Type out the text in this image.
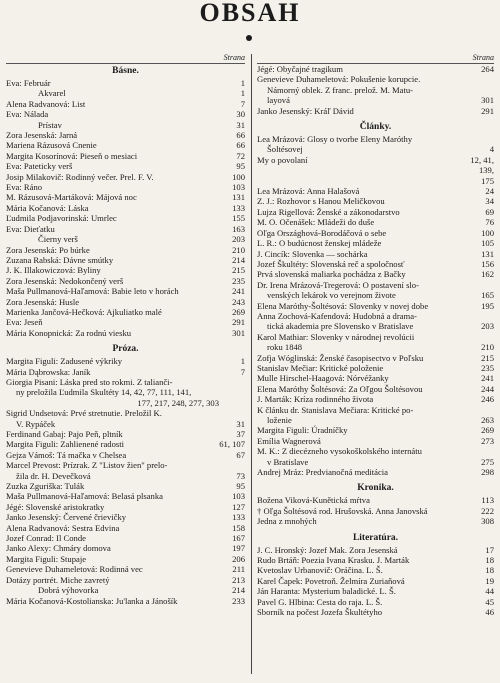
OBSAH
Strana
Básne.
Eva: Február	1
Akvarel	1
Alena Radvanová: List	7
Eva: Nálada	30
Prístav	31
Zora Jesenská: Jarná	66
Marienа Rázusová Cnenie	66
Margita Kosorínová: Pieseň o mesiaci	72
Eva: Pateticky verš	95
Josip Milakovič: Rodinný večer. Prel. F. V.	100
Eva: Ráno	103
M. Rázusová-Martáková: Májová noc	131
Mária Kočanová: Láska	133
Ľudmila Podjavorinská: Umrlec	155
Eva: Dieťatku	163
Čierny verš	203
Zora Jesenská: Po búrke	210
Zuzana Rabská: Dávne smútky	214
J. K. Illakowiczová: Byliny	215
Zora Jesenská: Nedokončený verš	235
Maša Pullmanová-Haľamová: Babie leto v horách	241
Zora Jesenská: Husle	243
Marienka Jančová-Hečková: Ajkuliatko malé	269
Eva: Jeseň	291
Mária Konopnická: Za rodnú viesku	301
Próza.
Margita Figuli: Zadusené výkriky	1
Mária Dąbrowska: Janík	7
Giorgia Pisani: Láska pred sto rokmi. Z talianči-
ny preložila Ľudmila Skultéty 14, 42, 77, 111, 141,
177, 217, 248, 277, 303
Sigrid Undsetová: Prvé stretnutie. Preložil K.
V. Rypáček	31
Ferdinand Gabaj: Pajo Peň, pltník	37
Margita Figuli: Zahlienené radosti	61, 107
Gejza Vámoš: Tá mačka v Chelsea	67
Marcel Prevost: Prízrak. Z "Listov žien" prelo-
žila dr. H. Devečková	73
Zuzka Zguriška: Tulák	95
Maša Pullmanová-Haľamová: Belasá plsanka	103
Jégé: Slovenské aristokratky	127
Janko Jesenský: Červené črievičky	133
Alena Radvanová: Sestra Edvina	158
Jozef Conrad: Il Conde	167
Janko Alexy: Chmáry domova	197
Margita Figuli: Stupaje	206
Genevieve Duhameletová: Rodinná vec	211
Dotázy portrét. Miche zavretý	213
Dobrá výhovorka	214
Mária Kočanová-Kostolianska: Ju'lanka a Jánošík	233
Strana
Jégé: Obyčajné tragikum	264
Genevieve Duhameletová: Pokušenie korupcie.
Námorný oblek. Z franc. prelož. M. Matu-
layová	301
Janko Jesenský: Kráľ Dávid	291
Články.
Lea Mrázová: Glosy o tvorbe Eleny Maróthy
Šoltésovej	4
My o povolaní	12, 41, 139, 175
Lea Mrázová: Anna Halašová	24
Z. J.: Rozhovor s Hanou Meličkovou	34
Lujza Rigellová: Ženské a zákonodarstvo	69
M. O. Očenášek: Mládeži do duše	76
Oľga Országhová-Borodáčová o sebe	100
L. R.: O budúcnost ženskej mládeže	105
J. Cincík: Slovenka — sochárka	131
Jozef Škultéty: Slovenská reč a spoločnosť	156
Prvá slovenská maliarka pochádza z Bačky	162
Dr. Irena Mrázová-Tregerová: O postavení slo-
venských lekárok vo verejnom živote	165
Elena Maróthy-Šoltésová: Slovenky v novej dobe	195
Anna Zochová-Kafendová: Hudobná a drama-
tická akademia pre Slovensko v Bratislave	203
Karol Mathiar: Slovenky v národnej revolúcii
roku 1848	210
Zofja Wóglinská: Ženské časopisectvo v Poľsku	215
Stanislav Mečiar: Kritické položenie	235
Mulle Hirschel-Haagová: Nórvéžanky	241
Elena Maróthy Šoltésová: Za Oľgou Šoltésovou	244
J. Marták: Kríza rodinného života	246
K článku dr. Stanislava Mečiara: Kritické po-
loženie	263
Margita Figuli: Úradníčky	269
Emília Wagnerová	273
M. K.: Z diecézneho vysokoškolského internátu
v Bratislave	275
Andrej Mráz: Predvianočná meditácia	298
Kronika.
Božena Viková-Kunětická mŕtva	113
† Oľga Šoltésová rod. Hrušovská. Anna Janovská	222
Jedna z mnohých	308
Literatúra.
J. C. Hronský: Jozef Mak. Zora Jesenská	17
Rudo Brtáň: Poezia Ivana Krasku. J. Marták	18
Kvetoslav Urbanovič: Oráčina. L. Š.	18
Karel Čapek: Povetroň. Želmíra Zuriaňová	19
Ján Haranta: Mysterium baladické. L. Š.	44
Pavel G. Hlbina: Cesta do raja. L. Š.	45
Sborník na počest Jozefa Škultétyho	46
